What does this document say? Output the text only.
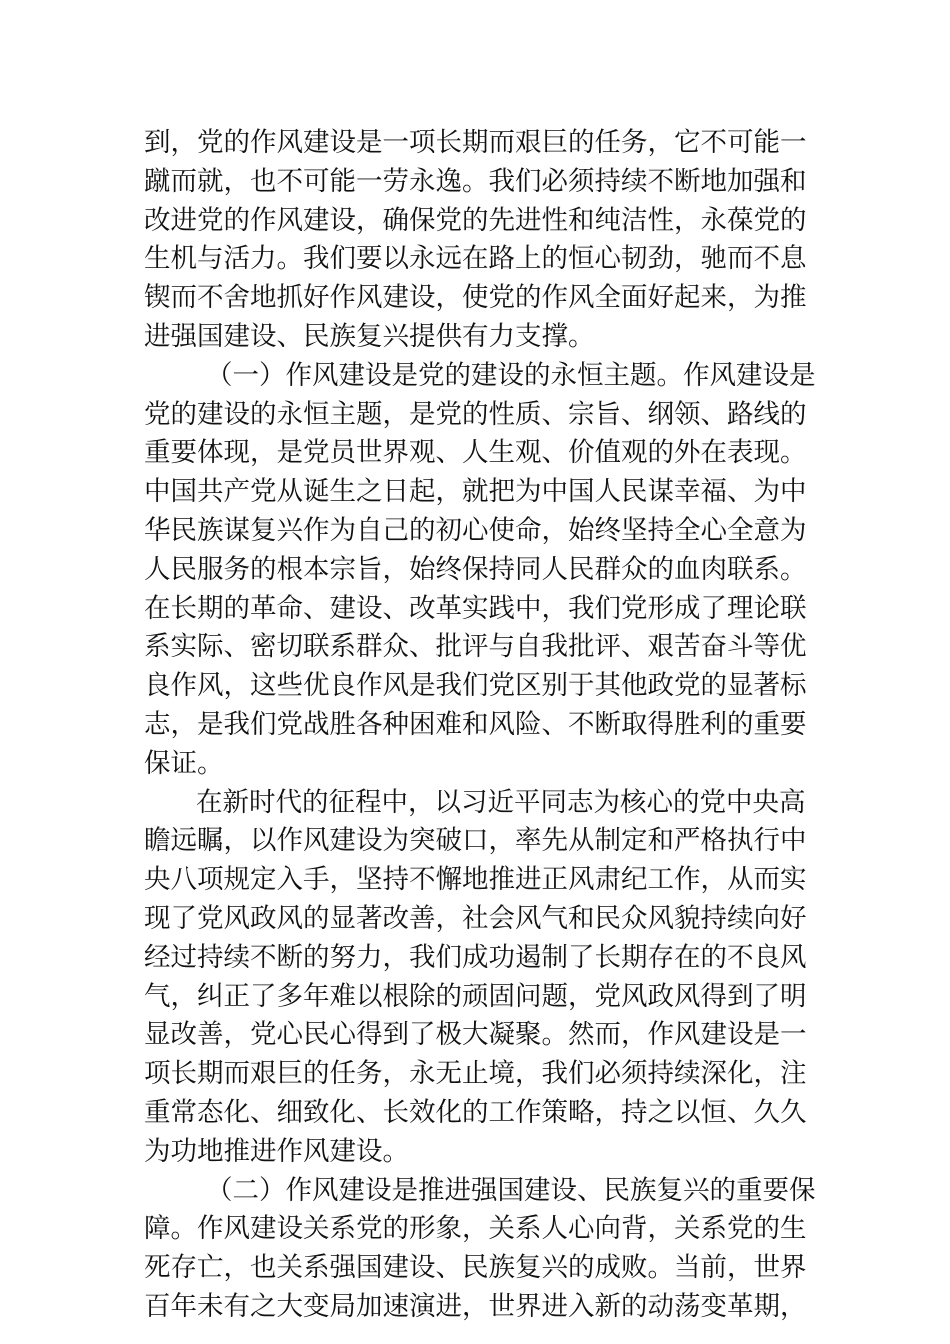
到，党的作风建设是一项长期而艰巨的任务，它不可能一
蹴而就，也不可能一劳永逸。我们必须持续不断地加强和
改进党的作风建设，确保党的先进性和纯洁性，永葆党的
生机与活力。我们要以永远在路上的恒心韧劲，驰而不息
锲而不舍地抓好作风建设，使党的作风全面好起来，为推
进强国建设、民族复兴提供有力支撑。
（一）作风建设是党的建设的永恒主题。作风建设是
党的建设的永恒主题，是党的性质、宗旨、纲领、路线的
重要体现，是党员世界观、人生观、价值观的外在表现。
中国共产党从诞生之日起，就把为中国人民谋幸福、为中
华民族谋复兴作为自己的初心使命，始终坚持全心全意为
人民服务的根本宗旨，始终保持同人民群众的血肉联系。
在长期的革命、建设、改革实践中，我们党形成了理论联
系实际、密切联系群众、批评与自我批评、艰苦奋斗等优
良作风，这些优良作风是我们党区别于其他政党的显著标
志，是我们党战胜各种困难和风险、不断取得胜利的重要
保证。
在新时代的征程中，以习近平同志为核心的党中央高
瞻远瞩，以作风建设为突破口，率先从制定和严格执行中
央八项规定入手，坚持不懈地推进正风肃纪工作，从而实
现了党风政风的显著改善，社会风气和民众风貌持续向好
经过持续不断的努力，我们成功遏制了长期存在的不良风
气，纠正了多年难以根除的顽固问题，党风政风得到了明
显改善，党心民心得到了极大凝聚。然而，作风建设是一
项长期而艰巨的任务，永无止境，我们必须持续深化，注
重常态化、细致化、长效化的工作策略，持之以恒、久久
为功地推进作风建设。
（二）作风建设是推进强国建设、民族复兴的重要保
障。作风建设关系党的形象，关系人心向背，关系党的生
死存亡，也关系强国建设、民族复兴的成败。当前，世界
百年未有之大变局加速演进，世界进入新的动荡变革期，
